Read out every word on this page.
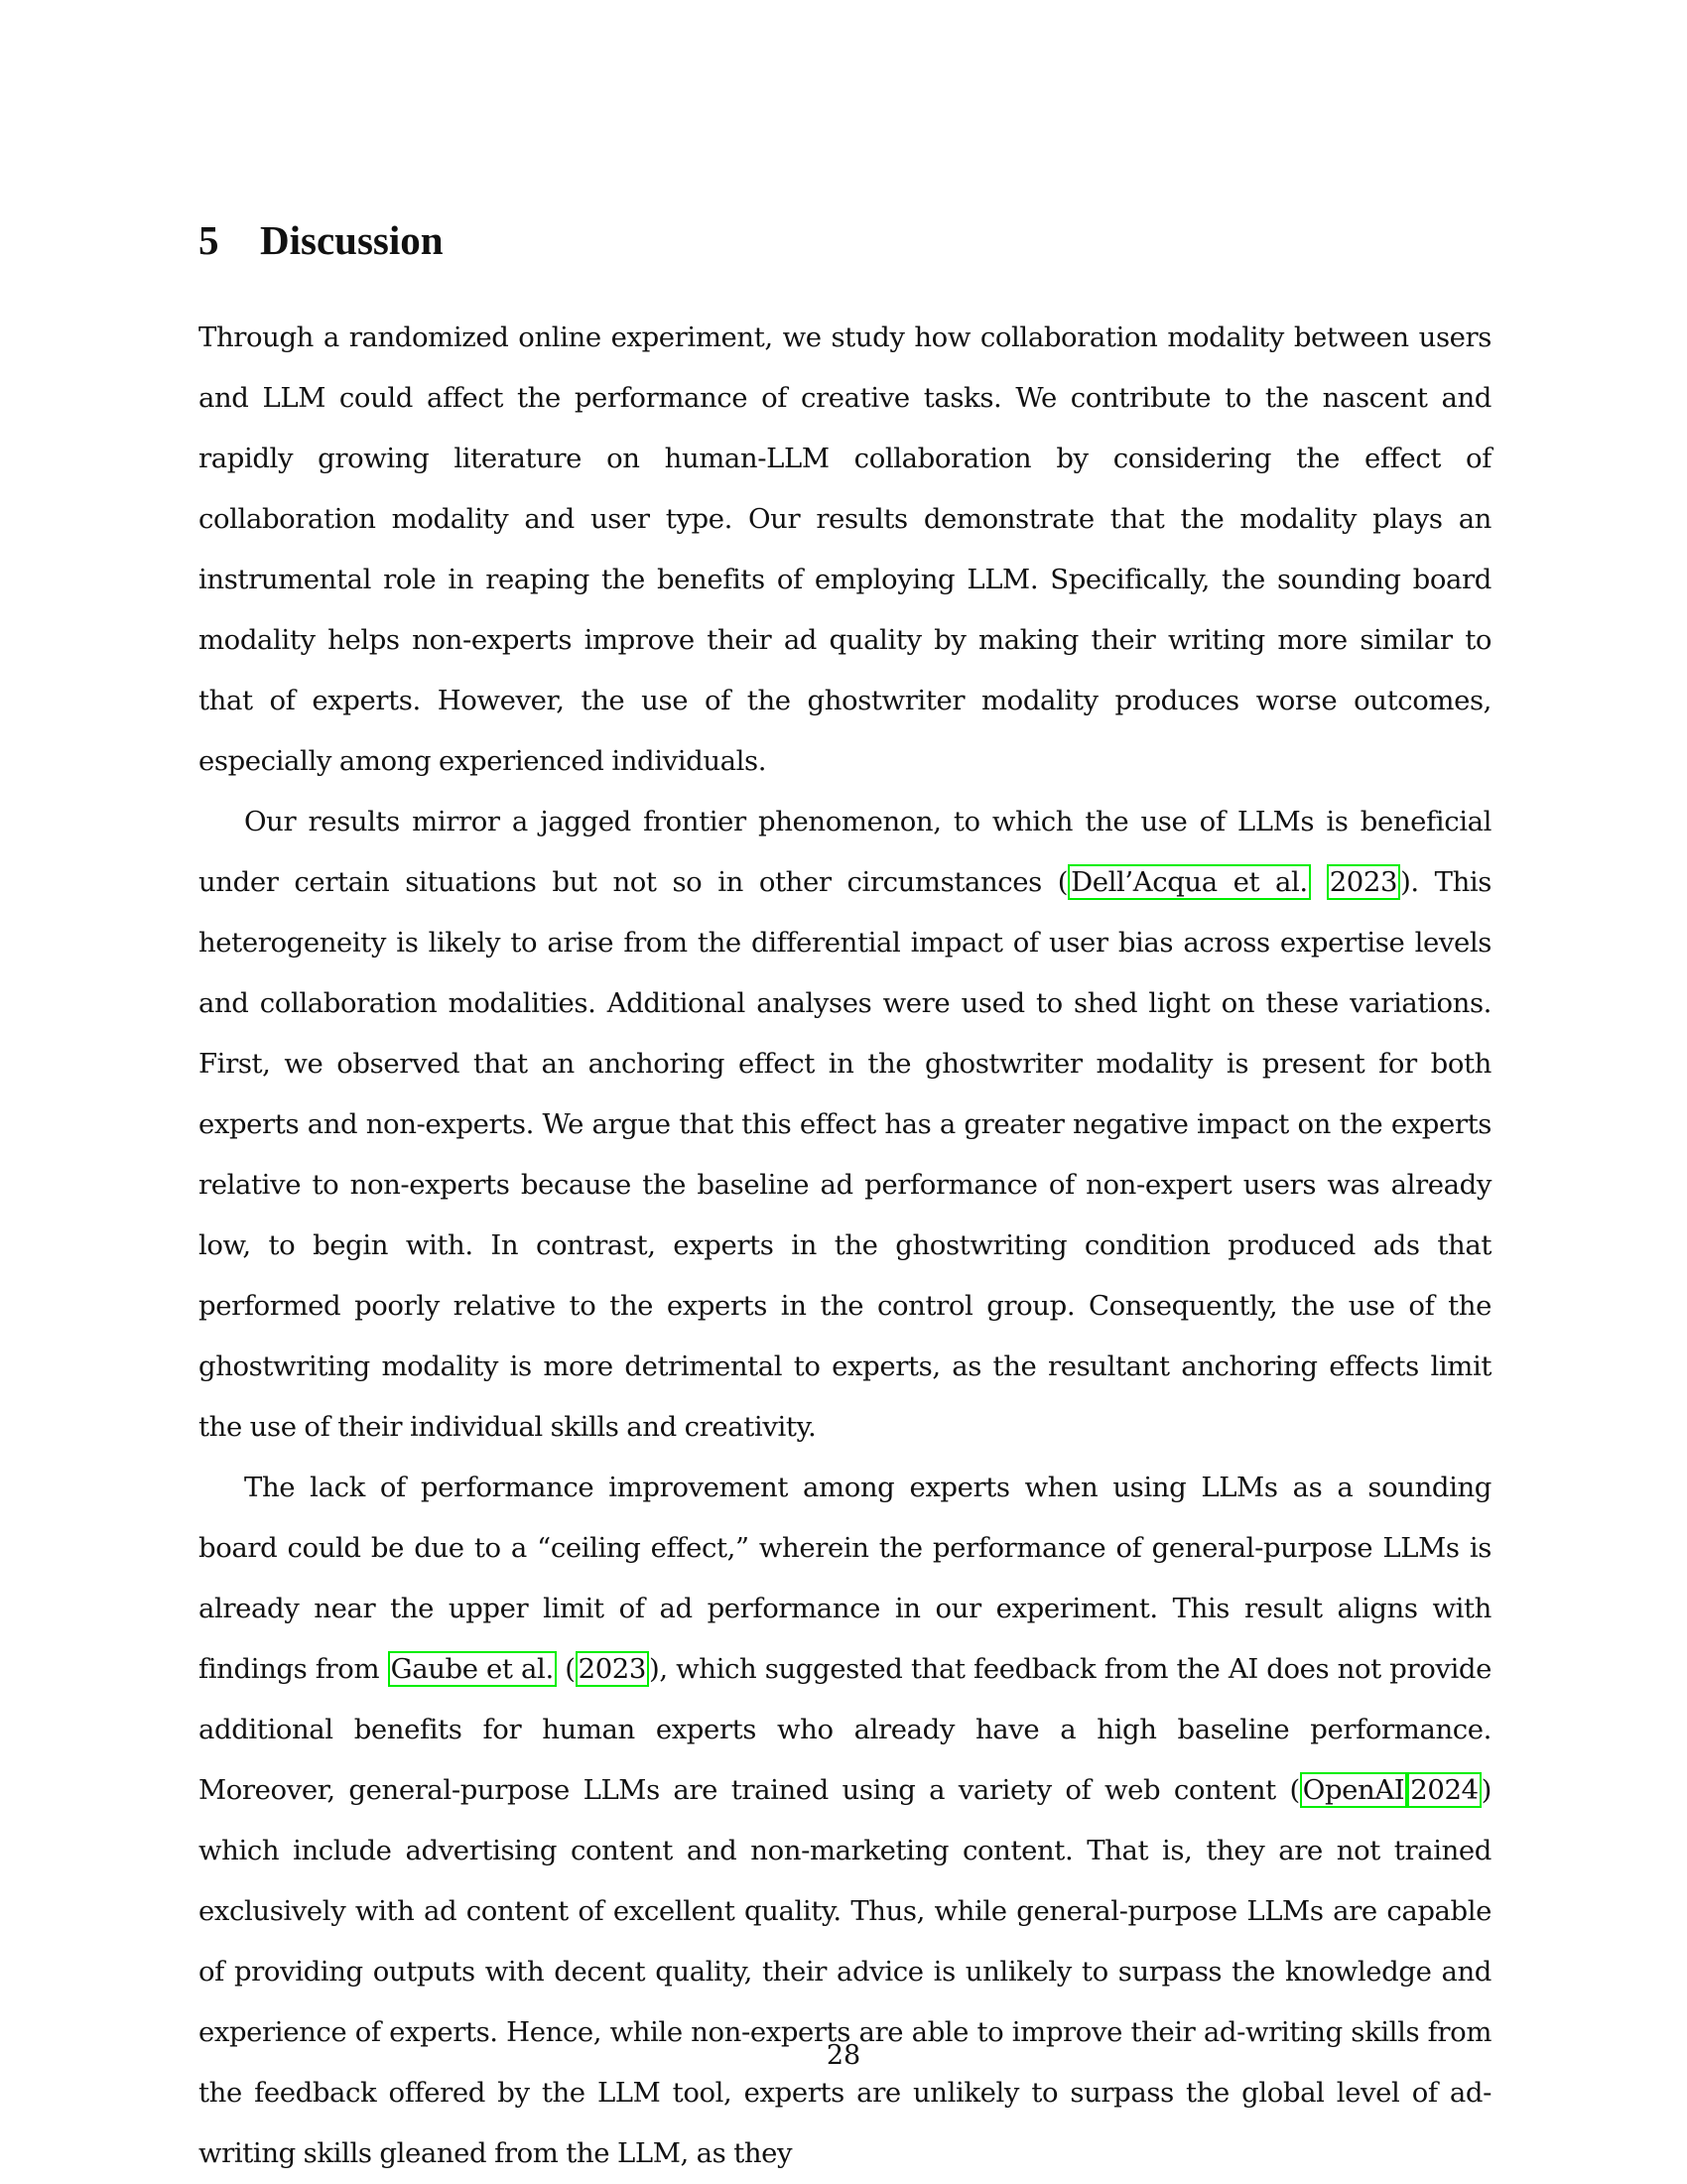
5 Discussion

Through a randomized online experiment, we study how collaboration modality between users and LLM could affect the performance of creative tasks. We contribute to the nascent and rapidly growing literature on human-LLM collaboration by considering the effect of collaboration modality and user type. Our results demonstrate that the modality plays an instrumental role in reaping the benefits of employing LLM. Specifically, the sounding board modality helps non-experts improve their ad quality by making their writing more similar to that of experts. However, the use of the ghostwriter modality produces worse outcomes, especially among experienced individuals.

Our results mirror a jagged frontier phenomenon, to which the use of LLMs is beneficial under certain situations but not so in other circumstances ( Dell’Acqua et al. 2023 ). This heterogeneity is likely to arise from the differential impact of user bias across expertise levels and collaboration modalities. Additional analyses were used to shed light on these variations. First, we observed that an anchoring effect in the ghostwriter modality is present for both experts and non-experts. We argue that this effect has a greater negative impact on the experts relative to non-experts because the baseline ad performance of non-expert users was already low, to begin with. In contrast, experts in the ghostwriting condition produced ads that performed poorly relative to the experts in the control group. Consequently, the use of the ghostwriting modality is more detrimental to experts, as the resultant anchoring effects limit the use of their individual skills and creativity.

The lack of performance improvement among experts when using LLMs as a sounding board could be due to a “ceiling effect,” wherein the performance of general-purpose LLMs is already near the upper limit of ad performance in our experiment. This result aligns with findings from Gaube et al. ( 2023 ), which suggested that feedback from the AI does not provide additional benefits for human experts who already have a high baseline performance. Moreover, general-purpose LLMs are trained using a variety of web content ( OpenAI 2024 ) which include advertising content and non-marketing content. That is, they are not trained exclusively with ad content of excellent quality. Thus, while general-purpose LLMs are capable of providing outputs with decent quality, their advice is unlikely to surpass the knowledge and experience of experts. Hence, while non-experts are able to improve their ad-writing skills from the feedback offered by the LLM tool, experts are unlikely to surpass the global level of ad-writing skills gleaned from the LLM, as they

28
